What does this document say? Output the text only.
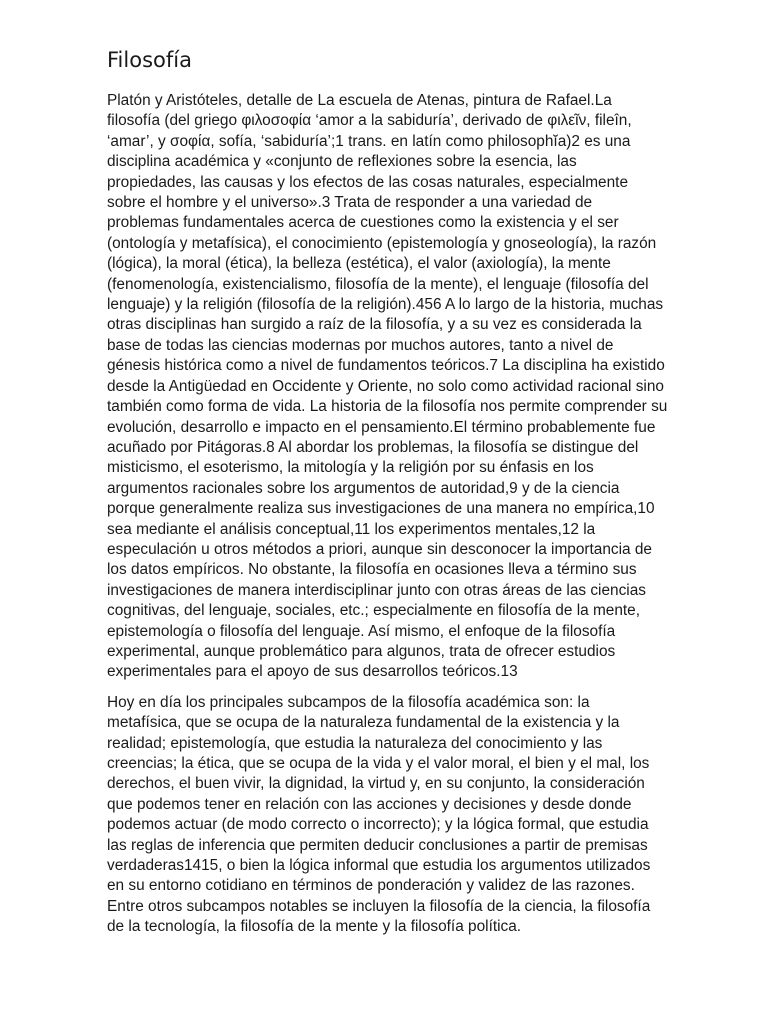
Filosofía

Platón y Aristóteles, detalle de La escuela de Atenas, pintura de Rafael.La filosofía (del griego φιλοσοφία ‘amor a la sabiduría’, derivado de φιλεῖν, fileîn, ‘amar’, y σοφία, sofía, ‘sabiduría’;1 trans. en latín como philosophĭa)2 es una disciplina académica y «conjunto de reflexiones sobre la esencia, las propiedades, las causas y los efectos de las cosas naturales, especialmente sobre el hombre y el universo».3 Trata de responder a una variedad de problemas fundamentales acerca de cuestiones como la existencia y el ser (ontología y metafísica), el conocimiento (epistemología y gnoseología), la razón (lógica), la moral (ética), la belleza (estética), el valor (axiología), la mente (fenomenología, existencialismo, filosofía de la mente), el lenguaje (filosofía del lenguaje) y la religión (filosofía de la religión).456 A lo largo de la historia, muchas otras disciplinas han surgido a raíz de la filosofía, y a su vez es considerada la base de todas las ciencias modernas por muchos autores, tanto a nivel de génesis histórica como a nivel de fundamentos teóricos.7 La disciplina ha existido desde la Antigüedad en Occidente y Oriente, no solo como actividad racional sino también como forma de vida. La historia de la filosofía nos permite comprender su evolución, desarrollo e impacto en el pensamiento.El término probablemente fue acuñado por Pitágoras.8 Al abordar los problemas, la filosofía se distingue del misticismo, el esoterismo, la mitología y la religión por su énfasis en los argumentos racionales sobre los argumentos de autoridad,9 y de la ciencia porque generalmente realiza sus investigaciones de una manera no empírica,10 sea mediante el análisis conceptual,11 los experimentos mentales,12 la especulación u otros métodos a priori, aunque sin desconocer la importancia de los datos empíricos. No obstante, la filosofía en ocasiones lleva a término sus investigaciones de manera interdisciplinar junto con otras áreas de las ciencias cognitivas, del lenguaje, sociales, etc.; especialmente en filosofía de la mente, epistemología o filosofía del lenguaje. Así mismo, el enfoque de la filosofía experimental, aunque problemático para algunos, trata de ofrecer estudios experimentales para el apoyo de sus desarrollos teóricos.13

Hoy en día los principales subcampos de la filosofía académica son: la metafísica, que se ocupa de la naturaleza fundamental de la existencia y la realidad; epistemología, que estudia la naturaleza del conocimiento y las creencias; la ética, que se ocupa de la vida y el valor moral, el bien y el mal, los derechos, el buen vivir, la dignidad, la virtud y, en su conjunto, la consideración que podemos tener en relación con las acciones y decisiones y desde donde podemos actuar (de modo correcto o incorrecto); y la lógica formal, que estudia las reglas de inferencia que permiten deducir conclusiones a partir de premisas verdaderas1415, o bien la lógica informal que estudia los argumentos utilizados en su entorno cotidiano en términos de ponderación y validez de las razones. Entre otros subcampos notables se incluyen la filosofía de la ciencia, la filosofía de la tecnología, la filosofía de la mente y la filosofía política.
